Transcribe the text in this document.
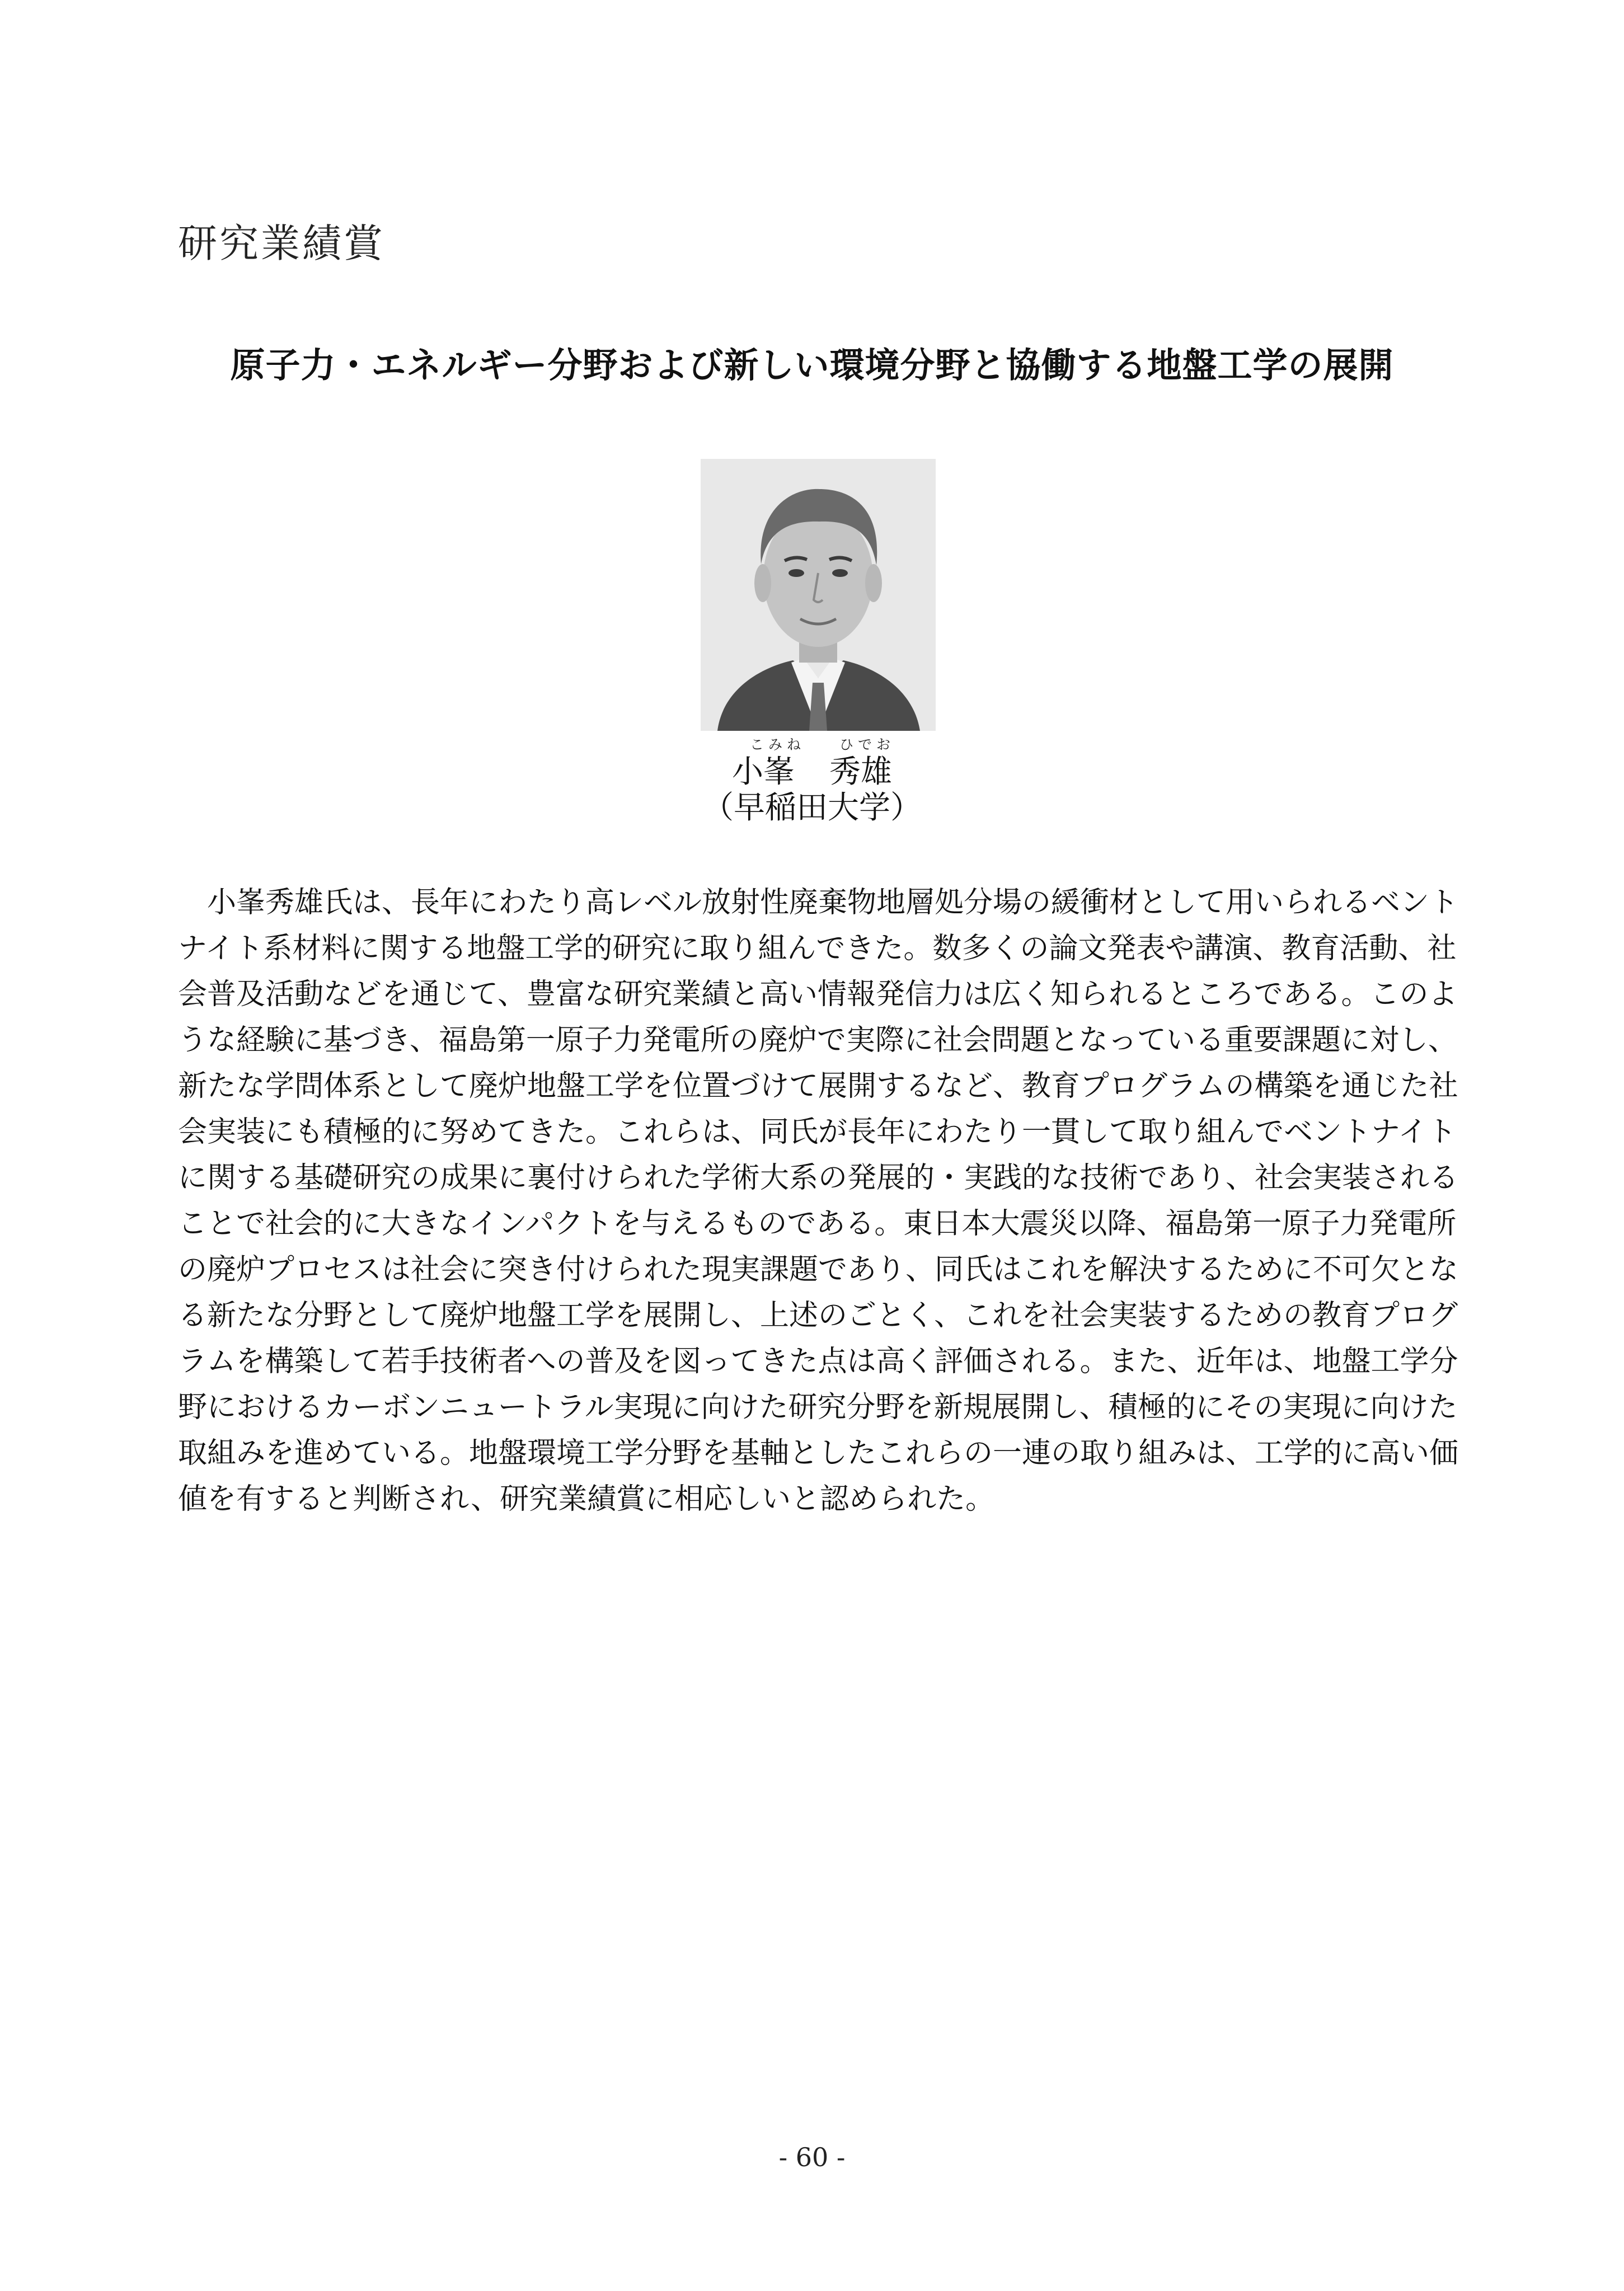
研究業績賞
原子力・エネルギー分野および新しい環境分野と協働する地盤工学の展開
こみね ひでお
小峯 秀雄
（早稲田大学）
小峯秀雄氏は、長年にわたり高レベル放射性廃棄物地層処分場の緩衝材として用いられるベント
ナイト系材料に関する地盤工学的研究に取り組んできた。数多くの論文発表や講演、教育活動、社
会普及活動などを通じて、豊富な研究業績と高い情報発信力は広く知られるところである。このよ
うな経験に基づき、福島第一原子力発電所の廃炉で実際に社会問題となっている重要課題に対し、
新たな学問体系として廃炉地盤工学を位置づけて展開するなど、教育プログラムの構築を通じた社
会実装にも積極的に努めてきた。これらは、同氏が長年にわたり一貫して取り組んでベントナイト
に関する基礎研究の成果に裏付けられた学術大系の発展的・実践的な技術であり、社会実装される
ことで社会的に大きなインパクトを与えるものである。東日本大震災以降、福島第一原子力発電所
の廃炉プロセスは社会に突き付けられた現実課題であり、同氏はこれを解決するために不可欠とな
る新たな分野として廃炉地盤工学を展開し、上述のごとく、これを社会実装するための教育プログ
ラムを構築して若手技術者への普及を図ってきた点は高く評価される。また、近年は、地盤工学分
野におけるカーボンニュートラル実現に向けた研究分野を新規展開し、積極的にその実現に向けた
取組みを進めている。地盤環境工学分野を基軸としたこれらの一連の取り組みは、工学的に高い価
値を有すると判断され、研究業績賞に相応しいと認められた。
- 60 -
